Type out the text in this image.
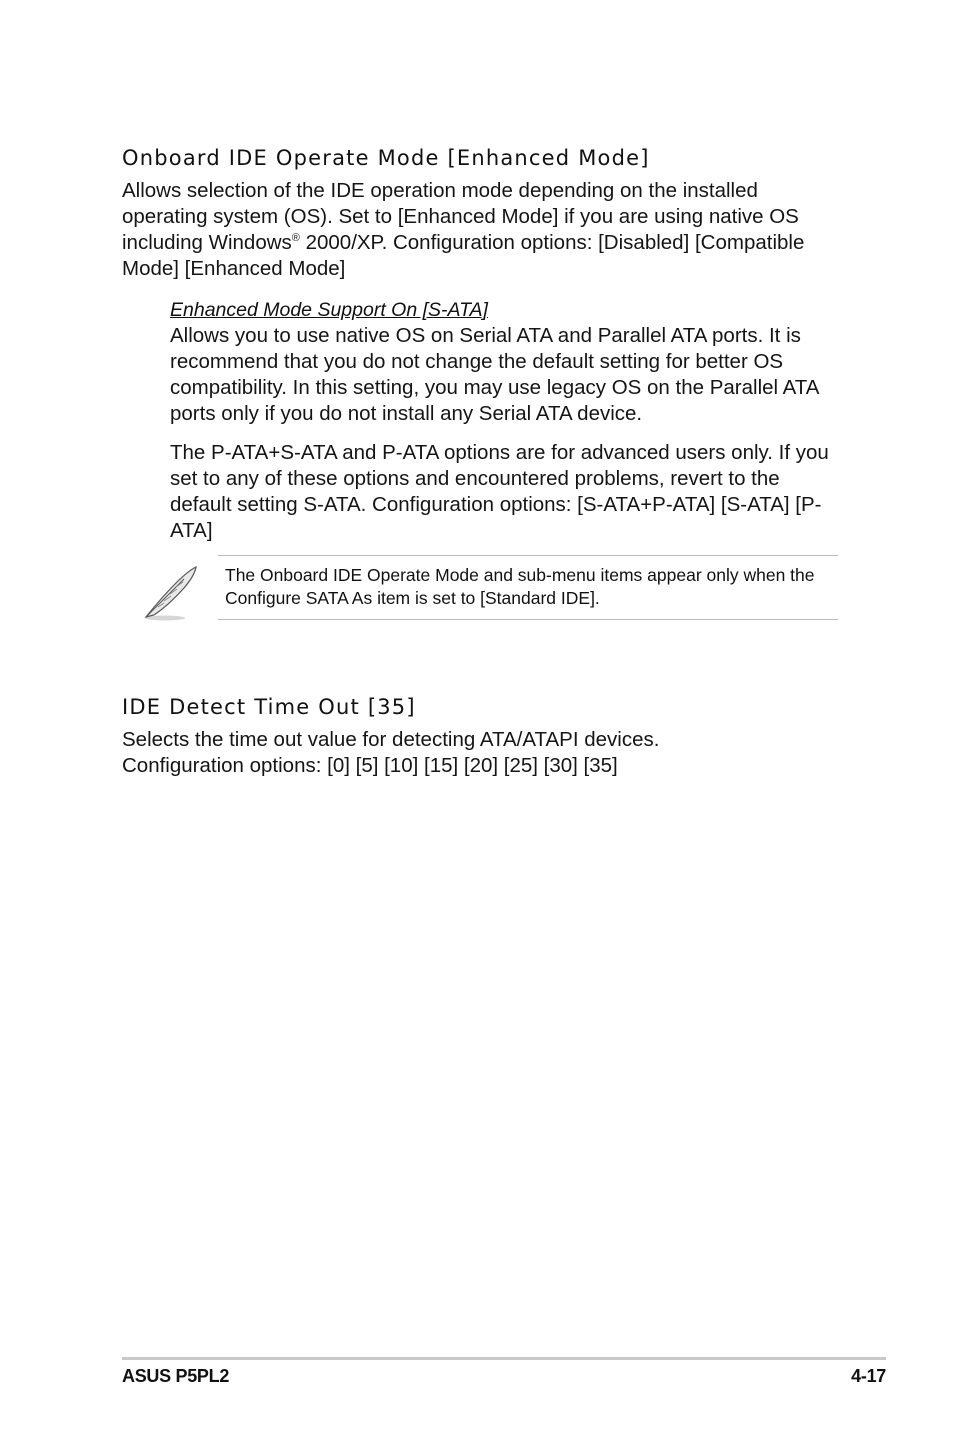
Onboard IDE Operate Mode [Enhanced Mode]

Allows selection of the IDE operation mode depending on the installed operating system (OS). Set to [Enhanced Mode] if you are using native OS including Windows® 2000/XP. Configuration options: [Disabled] [Compatible Mode] [Enhanced Mode]

Enhanced Mode Support On [S-ATA]

Allows you to use native OS on Serial ATA and Parallel ATA ports. It is recommend that you do not change the default setting for better OS compatibility. In this setting, you may use legacy OS on the Parallel ATA ports only if you do not install any Serial ATA device.

The P-ATA+S-ATA and P-ATA options are for advanced users only. If you set to any of these options and encountered problems, revert to the default setting S-ATA. Configuration options: [S-ATA+P-ATA] [S-ATA] [P-ATA]

The Onboard IDE Operate Mode and sub-menu items appear only when the Configure SATA As item is set to [Standard IDE].

IDE Detect Time Out [35]

Selects the time out value for detecting ATA/ATAPI devices. Configuration options: [0] [5] [10] [15] [20] [25] [30] [35]

ASUS P5PL2	4-17
